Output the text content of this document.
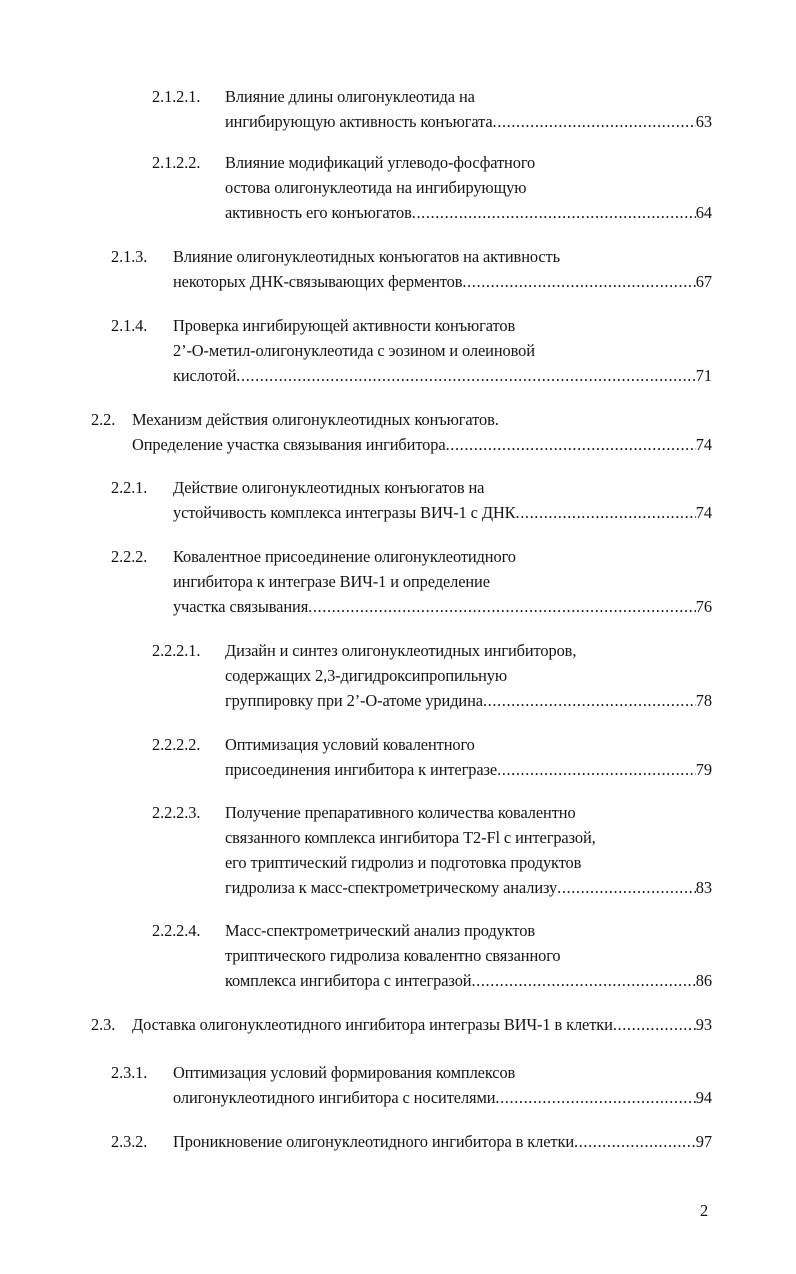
2.1.2.1. Влияние длины олигонуклеотида на
ингибирующую активность конъюгата .....	63
2.1.2.2. Влияние модификаций углеводо-фосфатного
остова олигонуклеотида на ингибирующую
активность его конъюгатов .....	64
2.1.3. Влияние олигонуклеотидных конъюгатов на активность
некоторых ДНК-связывающих ферментов .....	67
2.1.4. Проверка ингибирующей активности конъюгатов
2’-O-метил-олигонуклеотида с эозином и олеиновой
кислотой .....	71
2.2. Механизм действия олигонуклеотидных конъюгатов.
Определение участка связывания ингибитора .....	74
2.2.1. Действие олигонуклеотидных конъюгатов на
устойчивость комплекса интегразы ВИЧ-1 с ДНК .....	74
2.2.2. Ковалентное присоединение олигонуклеотидного
ингибитора к интегразе ВИЧ-1 и определение
участка связывания .....	76
2.2.2.1. Дизайн и синтез олигонуклеотидных ингибиторов,
содержащих 2,3-дигидроксипропильную
группировку при 2’-O-атоме уридина .....	78
2.2.2.2. Оптимизация условий ковалентного
присоединения ингибитора к интегразе .....	79
2.2.2.3. Получение препаративного количества ковалентно
связанного комплекса ингибитора T2-Fl с интегразой,
его триптический гидролиз и подготовка продуктов
гидролиза к масс-спектрометрическому анализу .....	83
2.2.2.4. Масс-спектрометрический анализ продуктов
триптического гидролиза ковалентно связанного
комплекса ингибитора с интегразой .....	86
2.3. Доставка олигонуклеотидного ингибитора интегразы ВИЧ-1 в клетки .....	93
2.3.1. Оптимизация условий формирования комплексов
олигонуклеотидного ингибитора с носителями .....	94
2.3.2. Проникновение олигонуклеотидного ингибитора в клетки .....	97
2
